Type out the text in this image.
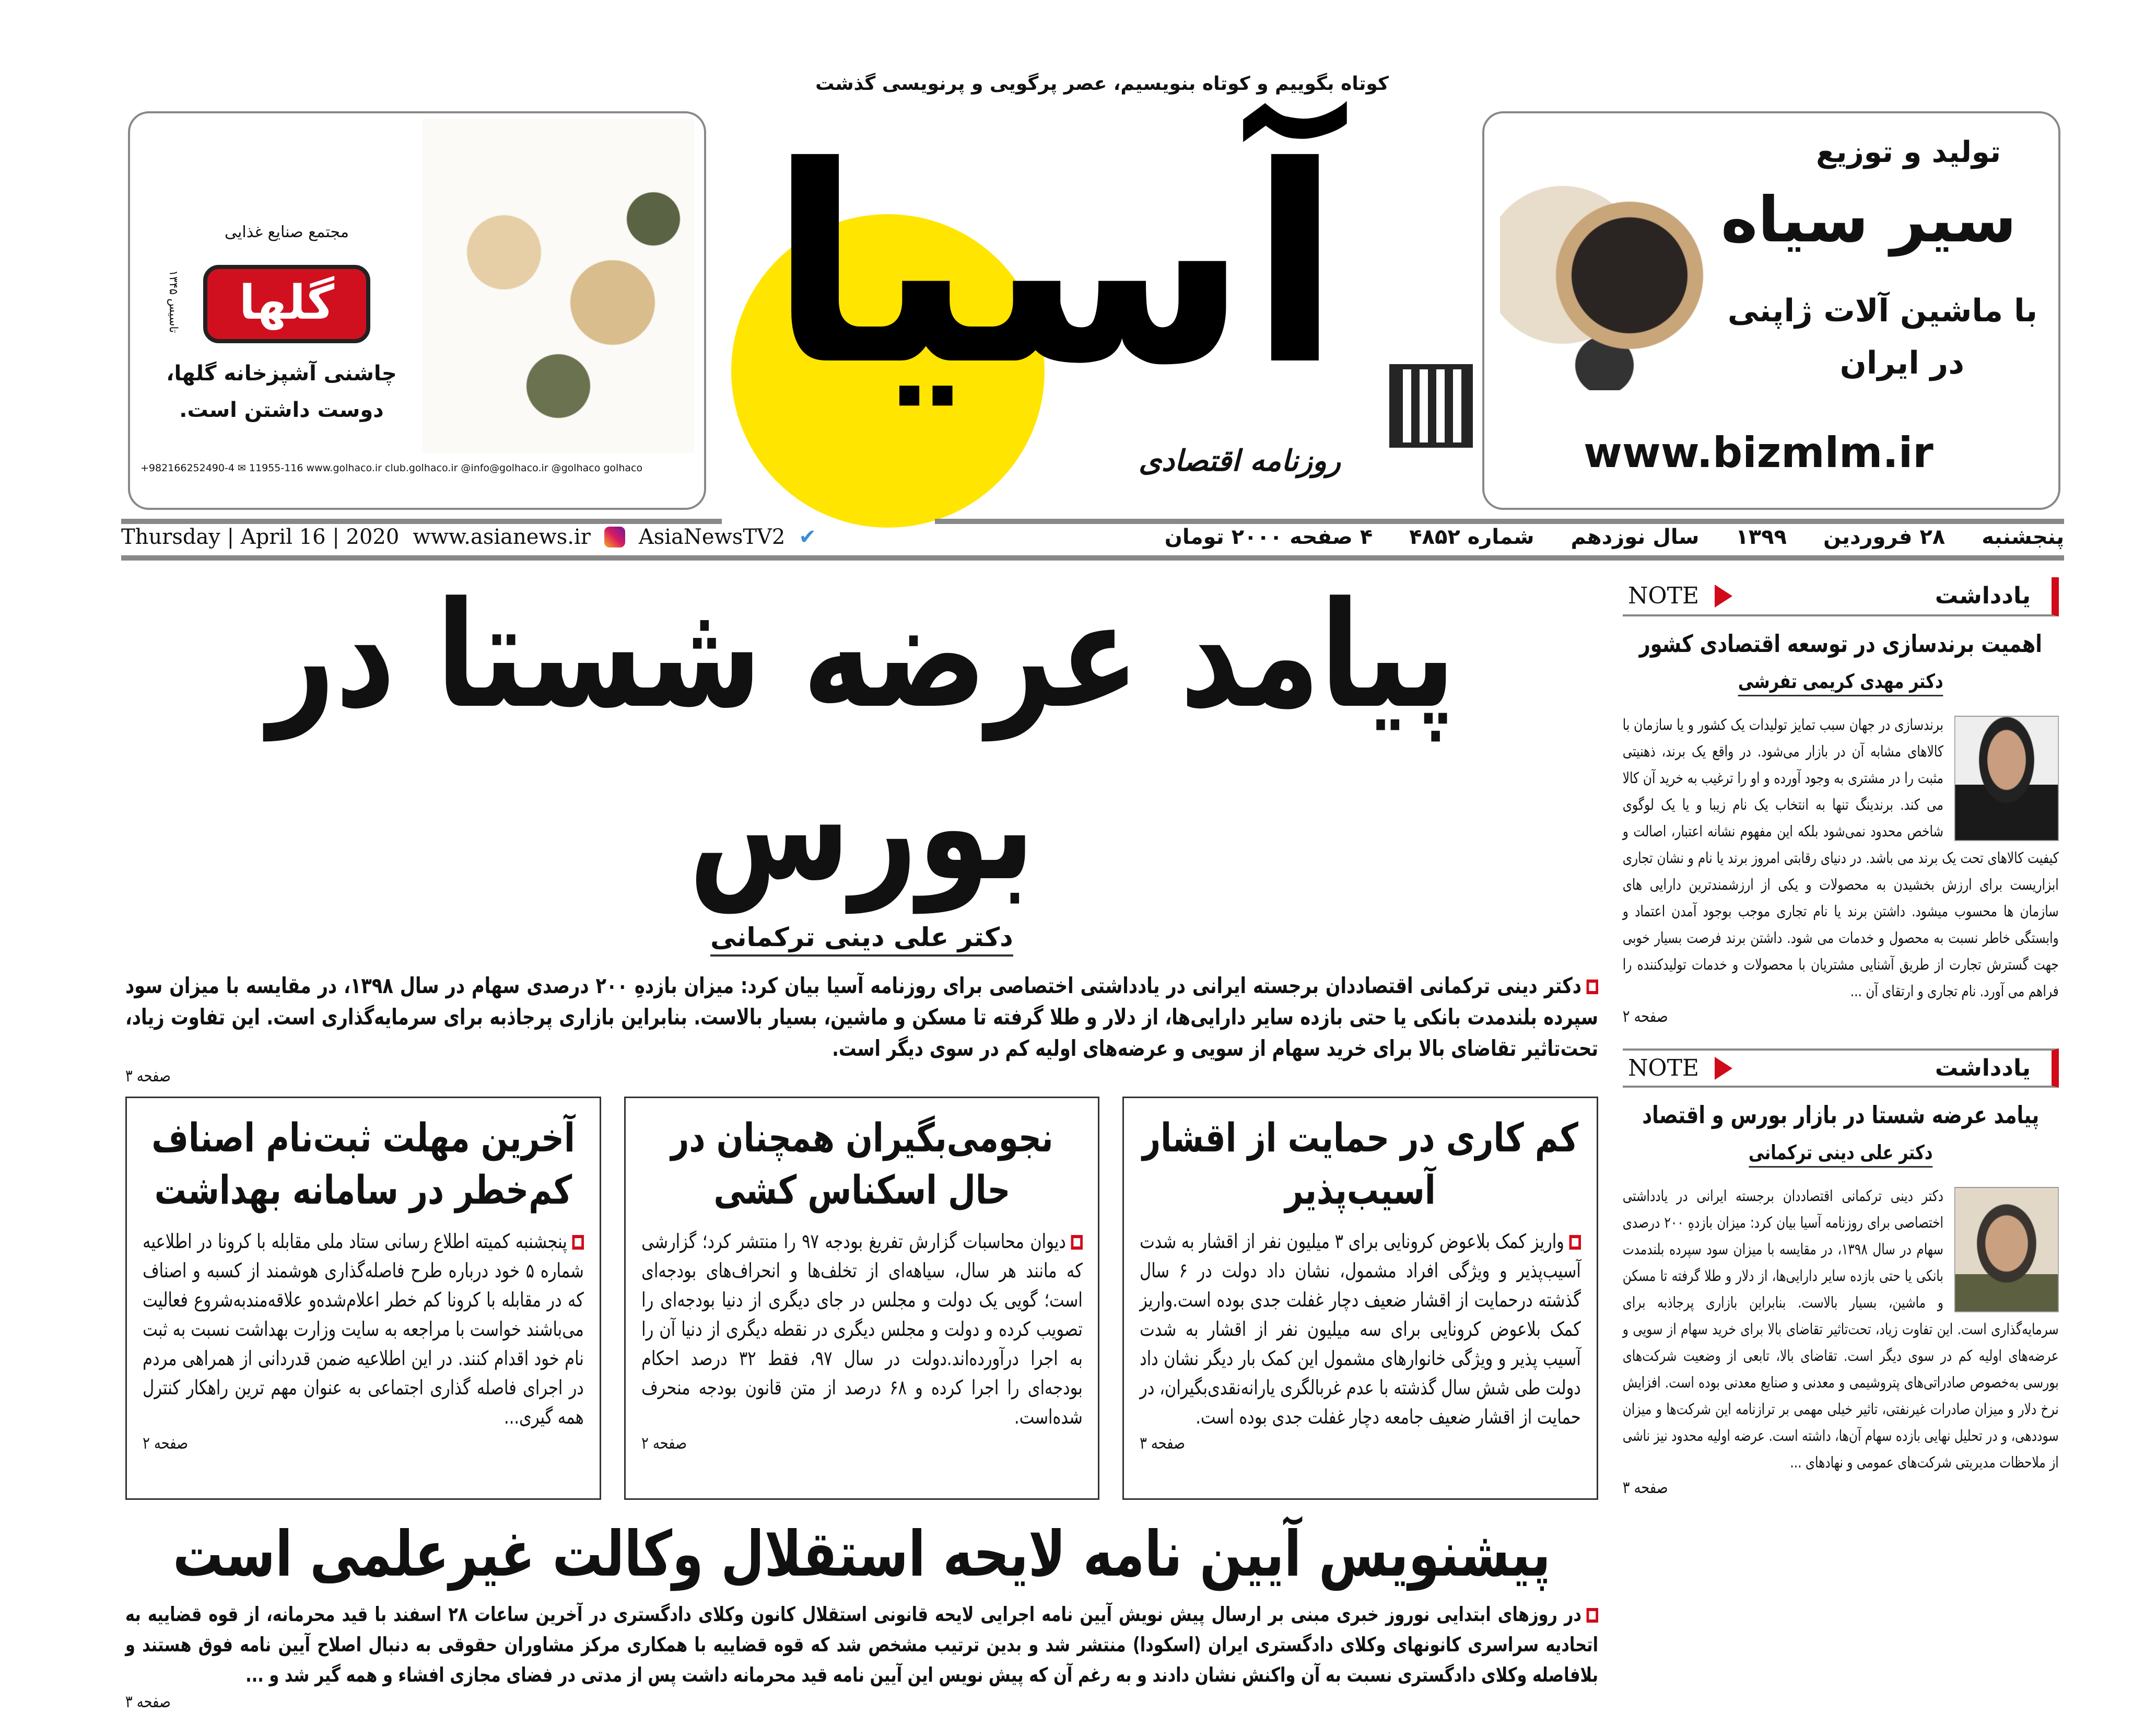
کوتاه بگوییم و کوتاه بنویسیم، عصر پرگویی و پرنویسی گذشت
آسیا
روزنامه اقتصادی
مجتمع صنایع غذایی
گلها
تاسیس ۱۳۴۵
چاشنی آشپزخانه گلها،
دوست داشتن است.
+982166252490-4 ✉ 11955-116 www.golhaco.ir club.golhaco.ir @info@golhaco.ir @golhaco golhaco
تولید و توزیع
سیر سیاه
با ماشین آلات ژاپنی
در ایران
www.bizmlm.ir
Thursday | April 16 | 2020 www.asianews.ir AsiaNewsTV2 ✔	پنجشنبه
۲۸ فروردین
۱۳۹۹
سال نوزدهم
شماره ۴۸۵۲
۴ صفحه ۲۰۰۰ تومان
یادداشت
NOTE
اهمیت برندسازی در توسعه اقتصادی کشور
دکتر مهدی کریمی تفرشی
برندسازی در جهان سبب تمایز تولیدات یک کشور و یا سازمان با کالاهای مشابه آن در بازار می‌شود. در واقع یک برند، ذهنیتی مثبت را در مشتری به وجود آورده و او را ترغیب به خرید آن کالا می کند. برندینگ تنها به انتخاب یک نام زیبا و یا یک لوگوی شاخص محدود نمی‌شود بلکه این مفهوم نشانه اعتبار، اصالت و کیفیت کالاهای تحت یک برند می باشد. در دنیای رقابتی امروز برند یا نام و نشان تجاری ابزاریست برای ارزش بخشیدن به محصولات و یکی از ارزشمندترین دارایی های سازمان ها محسوب میشود. داشتن برند یا نام تجاری موجب بوجود آمدن اعتماد و وابستگی خاطر نسبت به محصول و خدمات می شود. داشتن برند فرصت بسیار خوبی جهت گسترش تجارت از طریق آشنایی مشتریان با محصولات و خدمات تولیدکننده را فراهم می آورد. نام تجاری و ارتقای آن ...
صفحه ۲
یادداشت
NOTE
پیامد عرضه شستا در بازار بورس و اقتصاد
دکتر علی دینی ترکمانی
دکتر دینی ترکمانی اقتصاددان برجسته ایرانی در یادداشتی اختصاصی برای روزنامه آسیا بیان کرد: میزان بازدهِ ۲۰۰ درصدی سهام در سال ۱۳۹۸، در مقایسه با میزان سود سپرده بلندمدت بانکی یا حتی بازده سایر دارایی‌ها، از دلار و طلا گرفته تا مسکن و ماشین، بسیار بالاست. بنابراین بازاری پرجاذبه برای سرمایه‌گذاری است. این تفاوت زیاد، تحت‌تاثیر تقاضای بالا برای خرید سهام از سویی و عرضه‌های اولیه کم در سوی دیگر است. تقاضای بالا، تابعی از وضعیت شرکت‌های بورسی به‌خصوص صادراتی‌های پتروشیمی و معدنی و صنایع معدنی بوده است. افزایش نرخ دلار و میزان صادرات غیرنفتی، تاثیر خیلی مهمی بر ترازنامه این شرکت‌ها و میزان سوددهی، و در تحلیل نهایی بازده سهام آن‌ها، داشته است. عرضه اولیه محدود نیز ناشی از ملاحظات مدیریتی شرکت‌های عمومی و نهادهای ...
صفحه ۳
پیامد عرضه شستا در بورس
دکتر علی دینی ترکمانی
دکتر دینی ترکمانی اقتصاددان برجسته ایرانی در یادداشتی اختصاصی برای روزنامه آسیا بیان کرد: میزان بازدهِ ۲۰۰ درصدی سهام در سال ۱۳۹۸، در مقایسه با میزان سود سپرده بلندمدت بانکی یا حتی بازده سایر دارایی‌ها، از دلار و طلا گرفته تا مسکن و ماشین، بسیار بالاست. بنابراین بازاری پرجاذبه برای سرمایه‌گذاری است. این تفاوت زیاد، تحت‌تاثیر تقاضای بالا برای خرید سهام از سویی و عرضه‌های اولیه کم در سوی دیگر است.
صفحه ۳
کم کاری در حمایت از اقشار آسیب‌پذیر

واریز کمک بلاعوض کرونایی برای ۳ میلیون نفر از اقشار به شدت آسیب‌پذیر و ویژگی افراد مشمول، نشان داد دولت در ۶ سال گذشته درحمایت از اقشار ضعیف دچار غفلت جدی بوده است.واریز کمک بلاعوض کرونایی برای سه میلیون نفر از اقشار به شدت آسیب پذیر و ویژگی خانوارهای مشمول این کمک بار دیگر نشان داد دولت طی شش سال گذشته با عدم غربالگری یارانه‌نقدی‌بگیران، در حمایت از اقشار ضعیف جامعه دچار غفلت جدی بوده است.

صفحه ۳
نجومی‌بگیران همچنان در حال اسکناس کشی

دیوان محاسبات گزارش تفریغ بودجه ۹۷ را منتشر کرد؛ گزارشی که مانند هر سال، سیاهه‌ای از تخلف‌ها و انحراف‌های بودجه‌ای است؛ گویی یک دولت و مجلس در جای دیگری از دنیا بودجه‌ای را تصویب کرده و دولت و مجلس دیگری در نقطه دیگری از دنیا آن را به اجرا درآورده‌اند.دولت در سال ۹۷، فقط ۳۲ درصد احکام بودجه‌ای را اجرا کرده و ۶۸ درصد از متن قانون بودجه منحرف شده‌است.

صفحه ۲
آخرین مهلت ثبت‌نام اصناف کم‌خطر در سامانه بهداشت

پنجشنبه کمیته اطلاع رسانی ستاد ملی مقابله با کرونا در اطلاعیه شماره ۵ خود درباره طرح فاصله‌گذاری هوشمند از کسبه و اصناف که در مقابله با کرونا کم خطر اعلام‌شده‌و علاقه‌مندبه‌شروع فعالیت می‌باشند خواست با مراجعه به سایت وزارت بهداشت نسبت به ثبت نام خود اقدام کنند. در این اطلاعیه ضمن قدردانی از همراهی مردم در اجرای فاصله گذاری اجتماعی به عنوان مهم ترین راهکار کنترل همه گیری...

صفحه ۲
پیشنویس آیین نامه لایحه استقلال وکالت غیرعلمی است
در روزهای ابتدایی نوروز خبری مبنی بر ارسال پیش نویش آیین نامه اجرایی لایحه قانونی استقلال کانون وکلای دادگستری در آخرین ساعات ۲۸ اسفند با قید محرمانه، از قوه قضاییه به اتحادیه سراسری کانونهای وکلای دادگستری ایران (اسکودا) منتشر شد و بدین ترتیب مشخص شد که قوه قضاییه با همکاری مرکز مشاوران حقوقی به دنبال اصلاح آیین نامه فوق هستند و بلافاصله وکلای دادگستری نسبت به آن واکنش نشان دادند و به رغم آن که پیش نویس این آیین نامه قید محرمانه داشت پس از مدتی در فضای مجازی افشاء و همه گیر شد و ...
صفحه ۳
